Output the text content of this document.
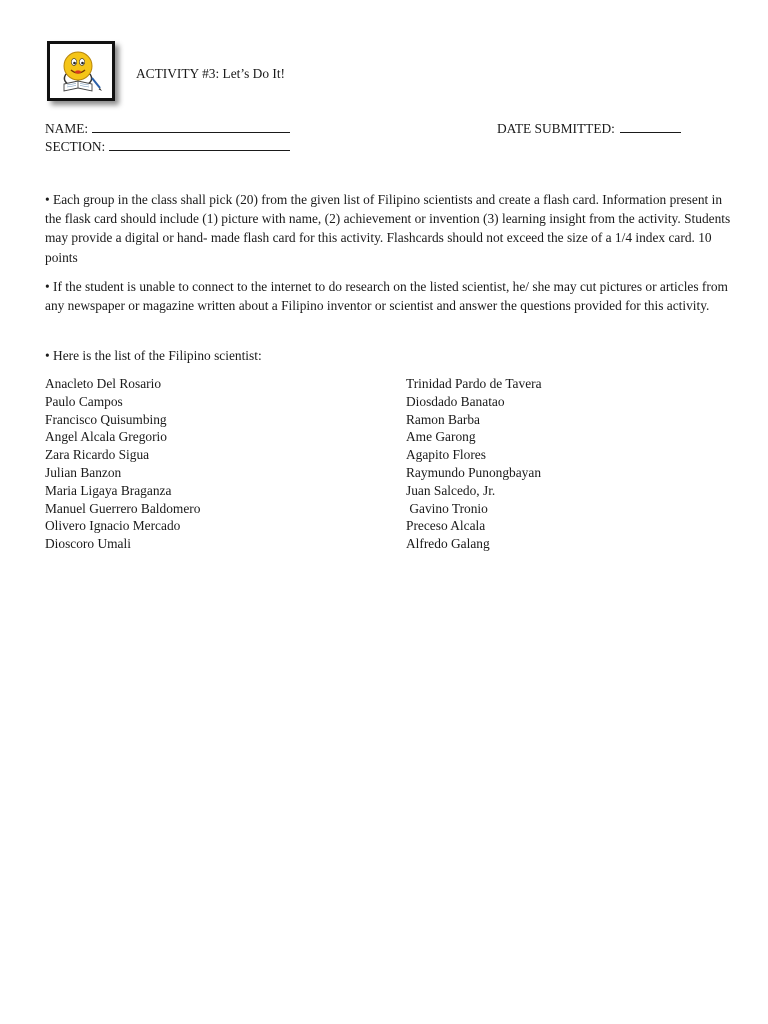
ACTIVITY #3: Let’s Do It!
NAME:
SECTION:
DATE SUBMITTED:
• Each group in the class shall pick (20) from the given list of Filipino scientists and create a flash card. Information present in the flask card should include (1) picture with name, (2) achievement or invention (3) learning insight from the activity. Students may provide a digital or hand- made flash card for this activity. Flashcards should not exceed the size of a 1/4 index card. 10 points
• If the student is unable to connect to the internet to do research on the listed scientist, he/ she may cut pictures or articles from any newspaper or magazine written about a Filipino inventor or scientist and answer the questions provided for this activity.
• Here is the list of the Filipino scientist:
Anacleto Del Rosario
Paulo Campos
Francisco Quisumbing
Angel Alcala Gregorio
Zara Ricardo Sigua
Julian Banzon
Maria Ligaya Braganza
Manuel Guerrero Baldomero
Olivero Ignacio Mercado
Dioscoro Umali
Trinidad Pardo de Tavera
Diosdado Banatao
Ramon Barba
Ame Garong
Agapito Flores
Raymundo Punongbayan
Juan Salcedo, Jr.
Gavino Tronio
Preceso Alcala
Alfredo Galang
